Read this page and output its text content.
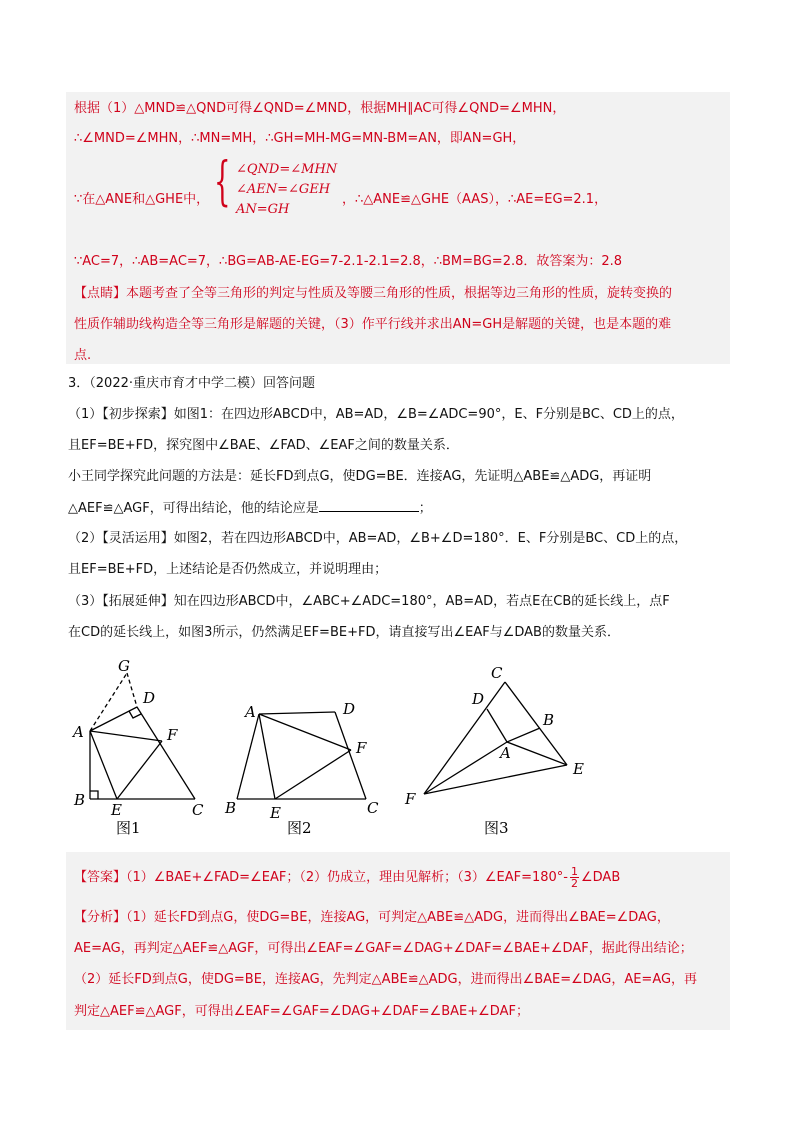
根据（1）△MND≌△QND可得∠QND=∠MND，根据MH∥AC可得∠QND=∠MHN，
∴∠MND=∠MHN，∴MN=MH，∴GH=MH-MG=MN-BM=AN，即AN=GH，
∵在△ANE和△GHE中， { ∠QND=∠MHN
∠AEN=∠GEH
AN=GH
，∴△ANE≌△GHE（AAS），∴AE=EG=2.1，
∵AC=7，∴AB=AC=7，∴BG=AB-AE-EG=7-2.1-2.1=2.8，∴BM=BG=2.8．故答案为：2.8
【点睛】本题考查了全等三角形的判定与性质及等腰三角形的性质，根据等边三角形的性质，旋转变换的
性质作辅助线构造全等三角形是解题的关键，（3）作平行线并求出AN=GH是解题的关键，也是本题的难
点.
3．（2022·重庆市育才中学二模）回答问题
（1）【初步探索】如图1：在四边形ABCD中，AB=AD，∠B=∠ADC=90°，E、F分别是BC、CD上的点，
且EF=BE+FD，探究图中∠BAE、∠FAD、∠EAF之间的数量关系．
小王同学探究此问题的方法是：延长FD到点G，使DG=BE．连接AG，先证明△ABE≌△ADG，再证明
△AEF≌△AGF，可得出结论，他的结论应是	；
（2）【灵活运用】如图2，若在四边形ABCD中，AB=AD，∠B+∠D=180°．E、F分别是BC、CD上的点，
且EF=BE+FD，上述结论是否仍然成立，并说明理由；
（3）【拓展延伸】知在四边形ABCD中，∠ABC+∠ADC=180°，AB=AD，若点E在CB的延长线上，点F
在CD的延长线上，如图3所示，仍然满足EF=BE+FD，请直接写出∠EAF与∠DAB的数量关系．
G
D
A	F
B
E	C
A	D
F
B E	C
C
D
B
A
E
F
图1	图2	图3
【答案】（1）∠BAE+∠FAD=∠EAF；（2）仍成立，理由见解析；（3）∠EAF=180°- $\frac{1}{2}$ ∠DAB
【分析】（1）延长FD到点G，使DG=BE，连接AG，可判定△ABE≌△ADG，进而得出∠BAE=∠DAG，
AE=AG，再判定△AEF≌△AGF，可得出∠EAF=∠GAF=∠DAG+∠DAF=∠BAE+∠DAF，据此得出结论；
（2）延长FD到点G，使DG=BE，连接AG，先判定△ABE≌△ADG，进而得出∠BAE=∠DAG，AE=AG，再
判定△AEF≌△AGF，可得出∠EAF=∠GAF=∠DAG+∠DAF=∠BAE+∠DAF；
